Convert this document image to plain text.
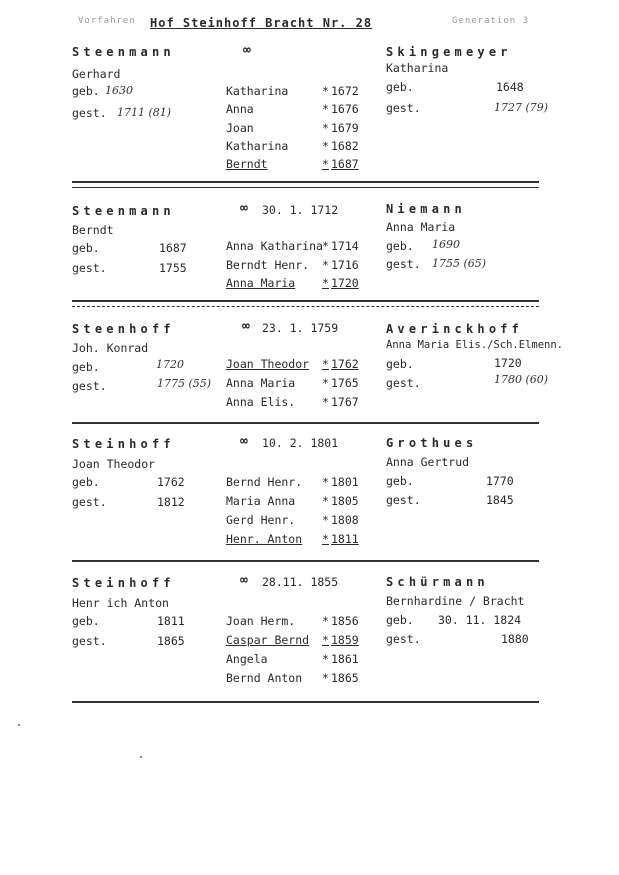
Vorfahren Hof Steinhoff Bracht Nr. 28	Generation 3
Steenmann	∞	Skingemeyer
Gerhard	Katharina
geb. 1630	geb.	1648
gest. 1711 (81)	gest.	1727 (79)
Katharina	* 1672
Anna	* 1676
Joan	* 1679
Katharina	* 1682
Berndt	* 1687
Steenmann	∞ 30. 1. 1712	Niemann
Berndt	Anna Maria
geb.	1687	geb. 1690
gest.	1755	gest. 1755 (65)
Anna Katharina * 1714
Berndt Henr. * 1716
Anna Maria * 1720
Steenhoff	∞ 23. 1. 1759	Averinckhoff
Joh. Konrad	Anna Maria Elis./Sch.Elmenn.
geb.	1720	geb.	1720
gest.	1775 (55)	gest.	1780 (60)
Joan Theodor * 1762
Anna Maria * 1765
Anna Elis. * 1767
Steinhoff	∞ 10. 2. 1801	Grothues
Joan Theodor	Anna Gertrud
geb.	1762	geb.	1770
gest.	1812	gest.	1845
Bernd Henr. * 1801
Maria Anna * 1805
Gerd Henr. * 1808
Henr. Anton * 1811
Steinhoff	∞ 28.11. 1855	Schürmann
Henr ich Anton	Bernhardine / Bracht
geb.	1811	geb. 30. 11. 1824
gest.	1865	gest.	1880
Joan Herm. * 1856
Caspar Bernd * 1859
Angela	* 1861
Bernd Anton * 1865
